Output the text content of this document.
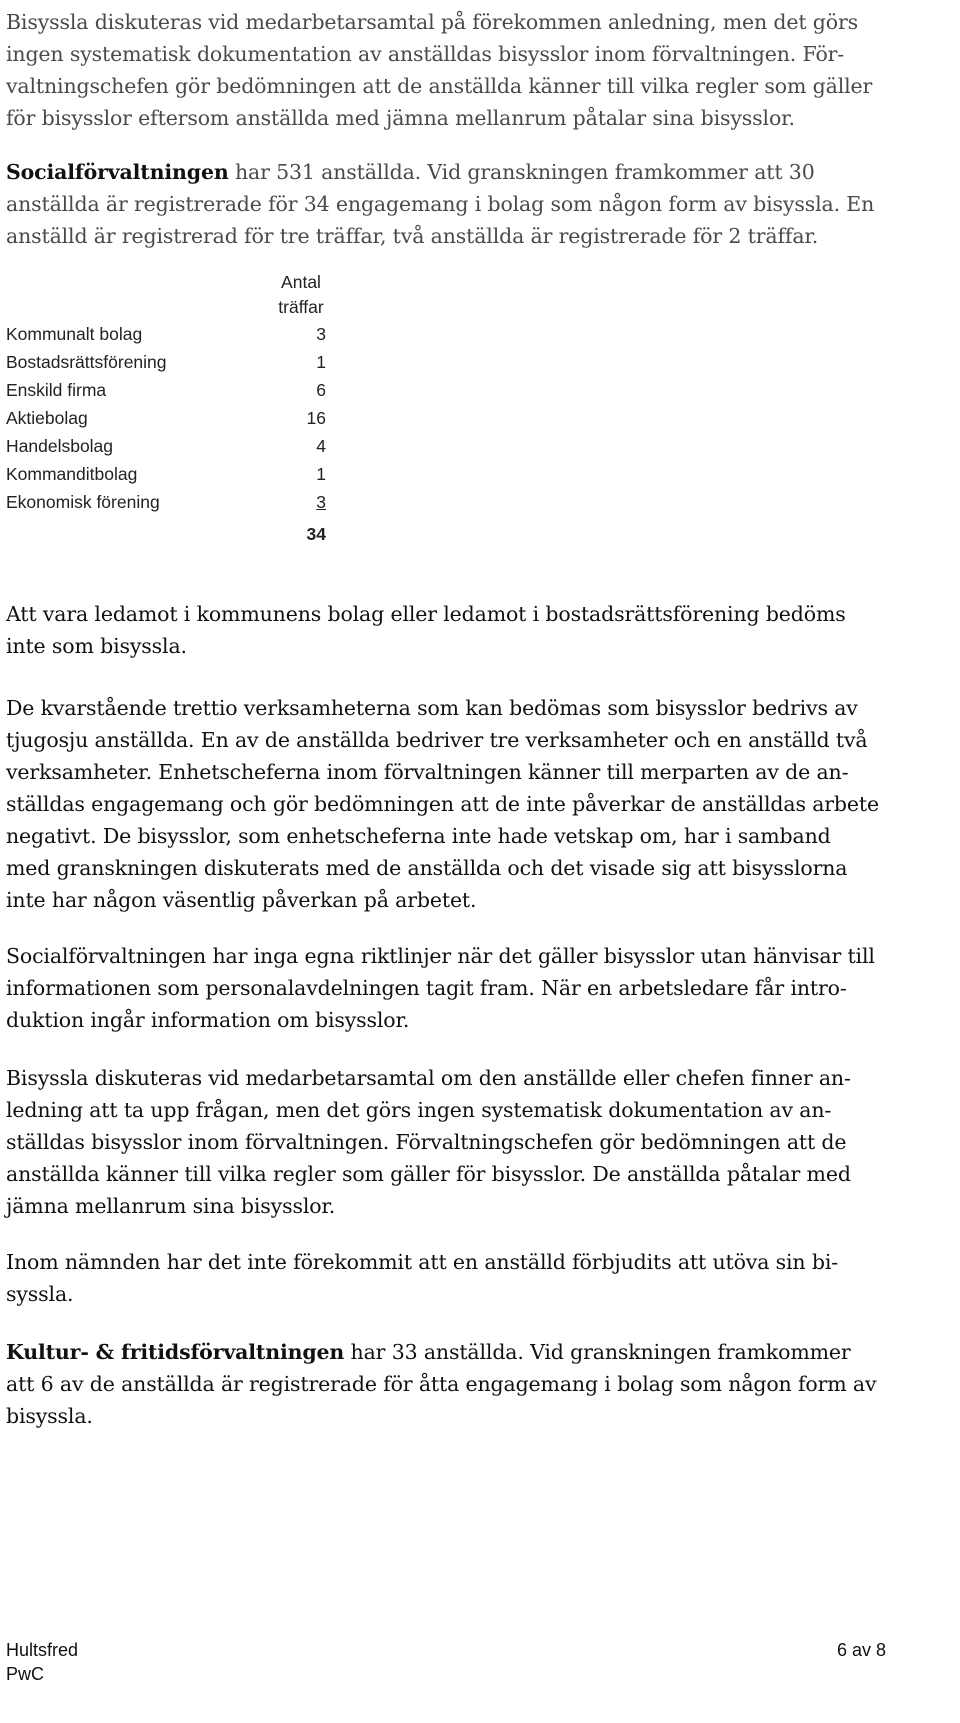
Bisyssla diskuteras vid medarbetarsamtal på förekommen anledning, men det görs
ingen systematisk dokumentation av anställdas bisysslor inom förvaltningen. För-
valtningschefen gör bedömningen att de anställda känner till vilka regler som gäller
för bisysslor eftersom anställda med jämna mellanrum påtalar sina bisysslor.

Socialförvaltningen har 531 anställda. Vid granskningen framkommer att 30
anställda är registrerade för 34 engagemang i bolag som någon form av bisyssla. En
anställd är registrerad för tre träffar, två anställda är registrerade för 2 träffar.

Antal
träffar
Kommunalt bolag	3
Bostadsrättsförening	1
Enskild firma	6
Aktiebolag	16
Handelsbolag	4
Kommanditbolag	1
Ekonomisk förening	3
34

Att vara ledamot i kommunens bolag eller ledamot i bostadsrättsförening bedöms
inte som bisyssla.

De kvarstående trettio verksamheterna som kan bedömas som bisysslor bedrivs av
tjugosju anställda. En av de anställda bedriver tre verksamheter och en anställd två
verksamheter. Enhetscheferna inom förvaltningen känner till merparten av de an-
ställdas engagemang och gör bedömningen att de inte påverkar de anställdas arbete
negativt. De bisysslor, som enhetscheferna inte hade vetskap om, har i samband
med granskningen diskuterats med de anställda och det visade sig att bisysslorna
inte har någon väsentlig påverkan på arbetet.

Socialförvaltningen har inga egna riktlinjer när det gäller bisysslor utan hänvisar till
informationen som personalavdelningen tagit fram. När en arbetsledare får intro-
duktion ingår information om bisysslor.

Bisyssla diskuteras vid medarbetarsamtal om den anställde eller chefen finner an-
ledning att ta upp frågan, men det görs ingen systematisk dokumentation av an-
ställdas bisysslor inom förvaltningen. Förvaltningschefen gör bedömningen att de
anställda känner till vilka regler som gäller för bisysslor. De anställda påtalar med
jämna mellanrum sina bisysslor.

Inom nämnden har det inte förekommit att en anställd förbjudits att utöva sin bi-
syssla.

Kultur- & fritidsförvaltningen har 33 anställda. Vid granskningen framkommer
att 6 av de anställda är registrerade för åtta engagemang i bolag som någon form av
bisyssla.

Hultsfred
PwC
6 av 8
